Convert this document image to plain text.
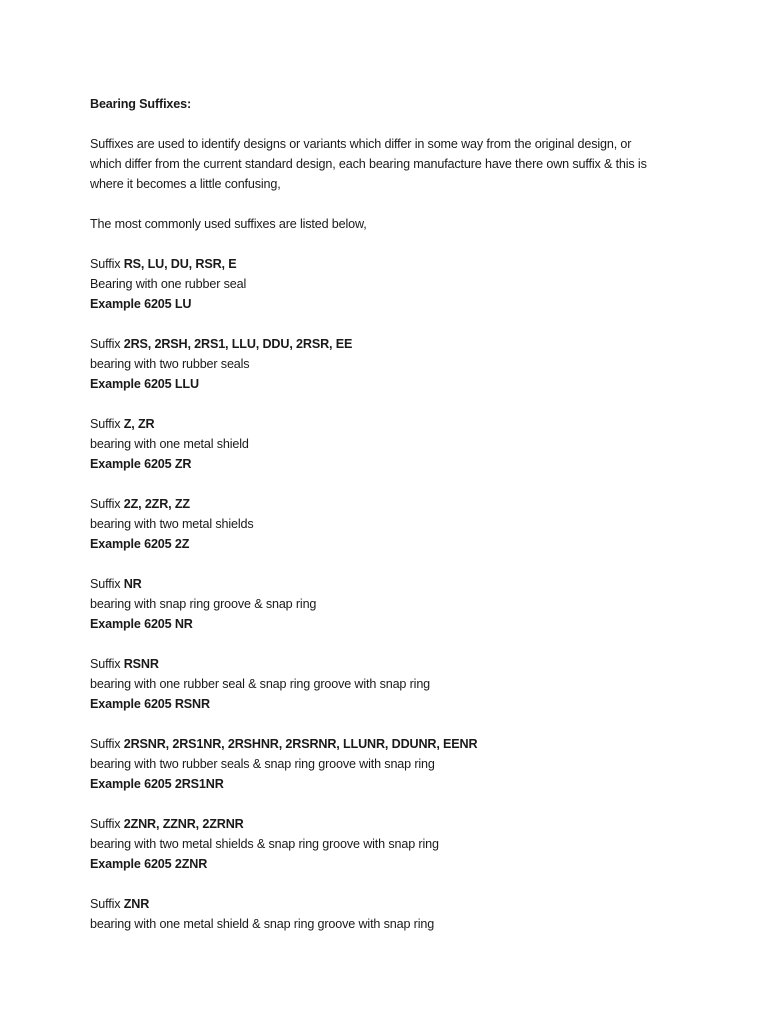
Bearing Suffixes:
Suffixes are used to identify designs or variants which differ in some way from the original design, or
which differ from the current standard design, each bearing manufacture have there own suffix & this is
where it becomes a little confusing,
The most commonly used suffixes are listed below,
Suffix RS, LU, DU, RSR, E
Bearing with one rubber seal
Example 6205 LU
Suffix 2RS, 2RSH, 2RS1, LLU, DDU, 2RSR, EE
bearing with two rubber seals
Example 6205 LLU
Suffix Z, ZR
bearing with one metal shield
Example 6205 ZR
Suffix 2Z, 2ZR, ZZ
bearing with two metal shields
Example 6205 2Z
Suffix NR
bearing with snap ring groove & snap ring
Example 6205 NR
Suffix RSNR
bearing with one rubber seal & snap ring groove with snap ring
Example 6205 RSNR
Suffix 2RSNR, 2RS1NR, 2RSHNR, 2RSRNR, LLUNR, DDUNR, EENR
bearing with two rubber seals & snap ring groove with snap ring
Example 6205 2RS1NR
Suffix 2ZNR, ZZNR, 2ZRNR
bearing with two metal shields & snap ring groove with snap ring
Example 6205 2ZNR
Suffix ZNR
bearing with one metal shield & snap ring groove with snap ring
